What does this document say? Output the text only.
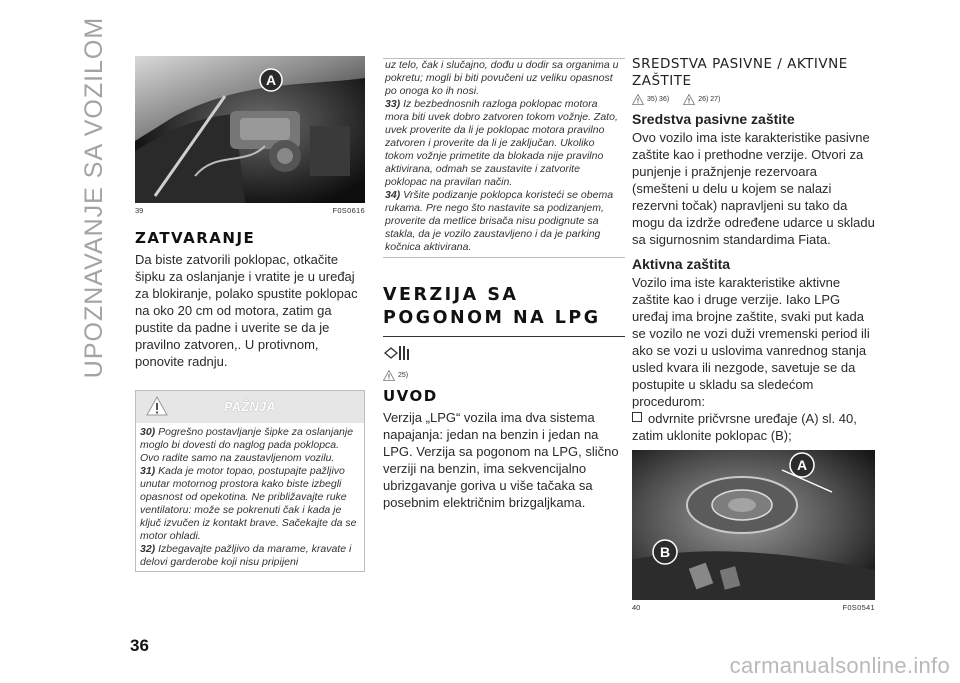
UPOZNAVANJE SA VOZILOM	A
39	F0S0616
ZATVARANJE

Da biste zatvorili poklopac, otkačite šipku za oslanjanje i vratite je u uređaj za blokiranje, polako spustite poklopac na oko 20 cm od motora, zatim ga pustite da padne i uverite se da je pravilno zatvoren,. U protivnom, ponovite radnju.

PAŽNJA

30) Pogrešno postavljanje šipke za oslanjanje moglo bi dovesti do naglog pada poklopca. Ovo radite samo na zaustavljenom vozilu.

31) Kada je motor topao, postupajte pažljivo unutar motornog prostora kako biste izbegli opasnost od opekotina. Ne približavajte ruke ventilatoru: može se pokrenuti čak i kada je ključ izvučen iz kontakt brave. Sačekajte da se motor ohladi.

32) Izbegavajte pažljivo da marame, kravate i delovi garderobe koji nisu pripijeni

uz telo, čak i slučajno, dođu u dodir sa organima u pokretu; mogli bi biti povučeni uz veliku opasnost po onoga ko ih nosi.

33) Iz bezbednosnih razloga poklopac motora mora biti uvek dobro zatvoren tokom vožnje. Zato, uvek proverite da li je poklopac motora pravilno zatvoren i proverite da li je zaključan. Ukoliko tokom vožnje primetite da blokada nije pravilno aktivirana, odmah se zaustavite i zatvorite poklopac na pravilan način.

34) Vršite podizanje poklopca koristeći se obema rukama. Pre nego što nastavite sa podizanjem, proverite da metlice brisača nisu podignute sa stakla, da je vozilo zaustavljeno i da je parking kočnica aktivirana.

VERZIJA SA POGONOM NA LPG
25)
UVOD

Verzija „LPG“ vozila ima dva sistema napajanja: jedan na benzin i jedan na LPG. Verzija sa pogonom na LPG, slično verziji na benzin, ima sekvencijalno ubrizgavanje goriva u više tačaka sa posebnim električnim brizgaljkama.

SREDSTVA PASIVNE / AKTIVNE ZAŠTITE
35) 36)	26) 27)
Sredstva pasivne zaštite

Ovo vozilo ima iste karakteristike pasivne zaštite kao i prethodne verzije. Otvori za punjenje i pražnjenje rezervoara (smešteni u delu u kojem se nalazi rezervni točak) napravljeni su tako da mogu da izdrže određene udarce u skladu sa sigurnosnim standardima Fiata.

Aktivna zaštita

Vozilo ima iste karakteristike aktivne zaštite kao i druge verzije. Iako LPG uređaj ima brojne zaštite, svaki put kada se vozilo ne vozi duži vremenski period ili ako se vozi u uslovima vanrednog stanja usled kvara ili nezgode, savetuje se da postupite u skladu sa sledećom procedurom:

odvrnite pričvrsne uređaje (A) sl. 40, zatim uklonite poklopac (B);
A
B
40	F0S0541
36
carmanualsonline.info
